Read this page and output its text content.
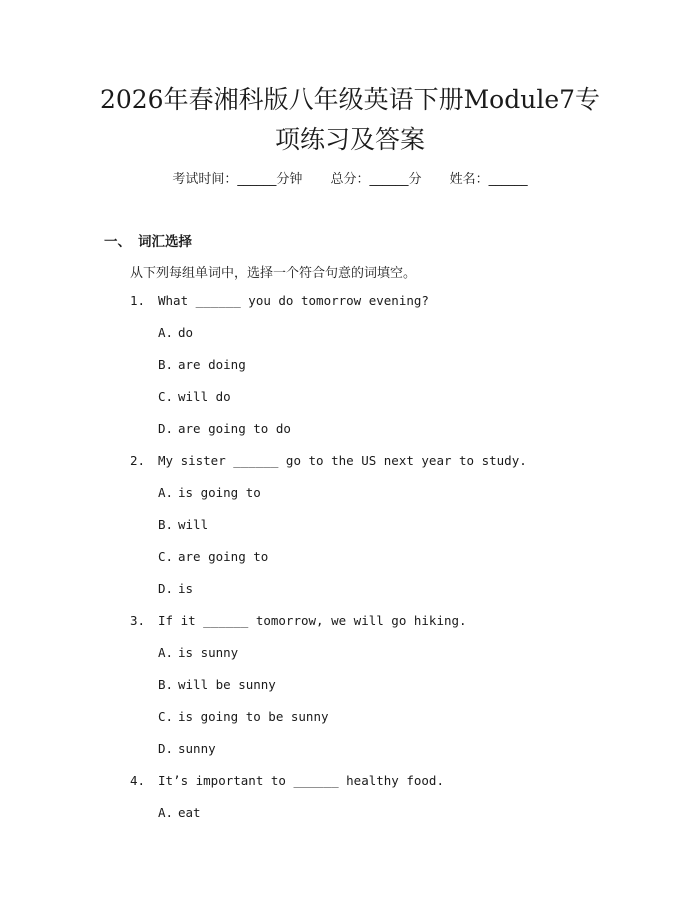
2026年春湘科版八年级英语下册Module7专
项练习及答案
考试时间：______分钟 总分：______分 姓名：______
一、 词汇选择
从下列每组单词中，选择一个符合句意的词填空。
1. What ______ you do tomorrow evening?
A. do
B. are doing
C. will do
D. are going to do
2. My sister ______ go to the US next year to study.
A. is going to
B. will
C. are going to
D. is
3. If it ______ tomorrow, we will go hiking.
A. is sunny
B. will be sunny
C. is going to be sunny
D. sunny
4. It’s important to ______ healthy food.
A. eat
